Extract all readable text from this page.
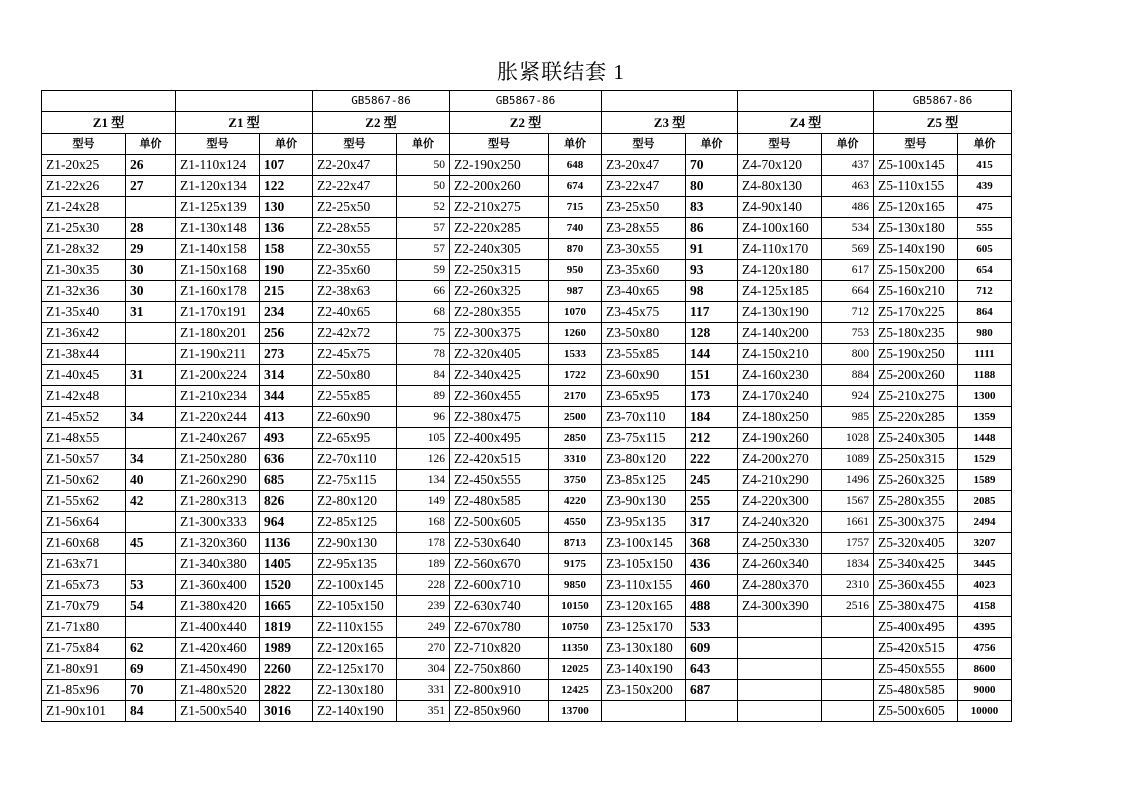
胀紧联结套 1
				GB5867-86		GB5867-86						GB5867-86	
Z1 型		Z1 型		Z2 型		Z2 型		Z3 型		Z4 型		Z5 型	
型号	单价	型号	单价	型号	单价	型号	单价	型号	单价	型号	单价	型号	单价
Z1-20x25	26	Z1-110x124	107	Z2-20x47	50	Z2-190x250	648	Z3-20x47	70	Z4-70x120	437	Z5-100x145	415
Z1-22x26	27	Z1-120x134	122	Z2-22x47	50	Z2-200x260	674	Z3-22x47	80	Z4-80x130	463	Z5-110x155	439
Z1-24x28		Z1-125x139	130	Z2-25x50	52	Z2-210x275	715	Z3-25x50	83	Z4-90x140	486	Z5-120x165	475
Z1-25x30	28	Z1-130x148	136	Z2-28x55	57	Z2-220x285	740	Z3-28x55	86	Z4-100x160	534	Z5-130x180	555
Z1-28x32	29	Z1-140x158	158	Z2-30x55	57	Z2-240x305	870	Z3-30x55	91	Z4-110x170	569	Z5-140x190	605
Z1-30x35	30	Z1-150x168	190	Z2-35x60	59	Z2-250x315	950	Z3-35x60	93	Z4-120x180	617	Z5-150x200	654
Z1-32x36	30	Z1-160x178	215	Z2-38x63	66	Z2-260x325	987	Z3-40x65	98	Z4-125x185	664	Z5-160x210	712
Z1-35x40	31	Z1-170x191	234	Z2-40x65	68	Z2-280x355	1070	Z3-45x75	117	Z4-130x190	712	Z5-170x225	864
Z1-36x42		Z1-180x201	256	Z2-42x72	75	Z2-300x375	1260	Z3-50x80	128	Z4-140x200	753	Z5-180x235	980
Z1-38x44		Z1-190x211	273	Z2-45x75	78	Z2-320x405	1533	Z3-55x85	144	Z4-150x210	800	Z5-190x250	1111
Z1-40x45	31	Z1-200x224	314	Z2-50x80	84	Z2-340x425	1722	Z3-60x90	151	Z4-160x230	884	Z5-200x260	1188
Z1-42x48		Z1-210x234	344	Z2-55x85	89	Z2-360x455	2170	Z3-65x95	173	Z4-170x240	924	Z5-210x275	1300
Z1-45x52	34	Z1-220x244	413	Z2-60x90	96	Z2-380x475	2500	Z3-70x110	184	Z4-180x250	985	Z5-220x285	1359
Z1-48x55		Z1-240x267	493	Z2-65x95	105	Z2-400x495	2850	Z3-75x115	212	Z4-190x260	1028	Z5-240x305	1448
Z1-50x57	34	Z1-250x280	636	Z2-70x110	126	Z2-420x515	3310	Z3-80x120	222	Z4-200x270	1089	Z5-250x315	1529
Z1-50x62	40	Z1-260x290	685	Z2-75x115	134	Z2-450x555	3750	Z3-85x125	245	Z4-210x290	1496	Z5-260x325	1589
Z1-55x62	42	Z1-280x313	826	Z2-80x120	149	Z2-480x585	4220	Z3-90x130	255	Z4-220x300	1567	Z5-280x355	2085
Z1-56x64		Z1-300x333	964	Z2-85x125	168	Z2-500x605	4550	Z3-95x135	317	Z4-240x320	1661	Z5-300x375	2494
Z1-60x68	45	Z1-320x360	1136	Z2-90x130	178	Z2-530x640	8713	Z3-100x145	368	Z4-250x330	1757	Z5-320x405	3207
Z1-63x71		Z1-340x380	1405	Z2-95x135	189	Z2-560x670	9175	Z3-105x150	436	Z4-260x340	1834	Z5-340x425	3445
Z1-65x73	53	Z1-360x400	1520	Z2-100x145	228	Z2-600x710	9850	Z3-110x155	460	Z4-280x370	2310	Z5-360x455	4023
Z1-70x79	54	Z1-380x420	1665	Z2-105x150	239	Z2-630x740	10150	Z3-120x165	488	Z4-300x390	2516	Z5-380x475	4158
Z1-71x80		Z1-400x440	1819	Z2-110x155	249	Z2-670x780	10750	Z3-125x170	533			Z5-400x495	4395
Z1-75x84	62	Z1-420x460	1989	Z2-120x165	270	Z2-710x820	11350	Z3-130x180	609			Z5-420x515	4756
Z1-80x91	69	Z1-450x490	2260	Z2-125x170	304	Z2-750x860	12025	Z3-140x190	643			Z5-450x555	8600
Z1-85x96	70	Z1-480x520	2822	Z2-130x180	331	Z2-800x910	12425	Z3-150x200	687			Z5-480x585	9000
Z1-90x101	84	Z1-500x540	3016	Z2-140x190	351	Z2-850x960	13700					Z5-500x605	10000
